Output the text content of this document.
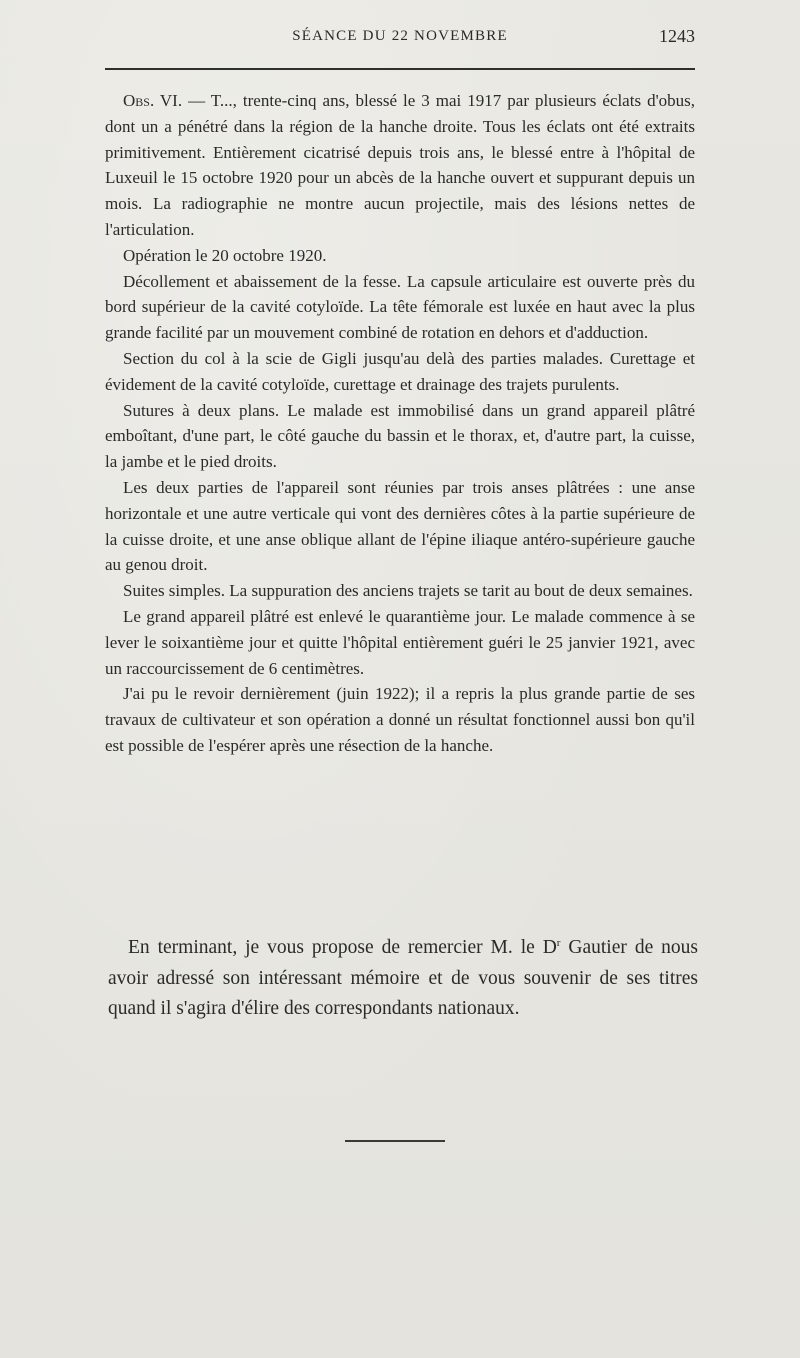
SÉANCE DU 22 NOVEMBRE	1243

Obs. VI. — T..., trente-cinq ans, blessé le 3 mai 1917 par plusieurs éclats d'obus, dont un a pénétré dans la région de la hanche droite. Tous les éclats ont été extraits primitivement. Entièrement cicatrisé depuis trois ans, le blessé entre à l'hôpital de Luxeuil le 15 octobre 1920 pour un abcès de la hanche ouvert et suppurant depuis un mois. La radiographie ne montre aucun projectile, mais des lésions nettes de l'articulation.

Opération le 20 octobre 1920.

Décollement et abaissement de la fesse. La capsule articulaire est ouverte près du bord supérieur de la cavité cotyloïde. La tête fémorale est luxée en haut avec la plus grande facilité par un mouvement combiné de rotation en dehors et d'adduction.

Section du col à la scie de Gigli jusqu'au delà des parties malades. Curettage et évidement de la cavité cotyloïde, curettage et drainage des trajets purulents.

Sutures à deux plans. Le malade est immobilisé dans un grand appareil plâtré emboîtant, d'une part, le côté gauche du bassin et le thorax, et, d'autre part, la cuisse, la jambe et le pied droits.

Les deux parties de l'appareil sont réunies par trois anses plâtrées : une anse horizontale et une autre verticale qui vont des dernières côtes à la partie supérieure de la cuisse droite, et une anse oblique allant de l'épine iliaque antéro-supérieure gauche au genou droit.

Suites simples. La suppuration des anciens trajets se tarit au bout de deux semaines.

Le grand appareil plâtré est enlevé le quarantième jour. Le malade commence à se lever le soixantième jour et quitte l'hôpital entièrement guéri le 25 janvier 1921, avec un raccourcissement de 6 centimètres.

J'ai pu le revoir dernièrement (juin 1922); il a repris la plus grande partie de ses travaux de cultivateur et son opération a donné un résultat fonctionnel aussi bon qu'il est possible de l'espérer après une résection de la hanche.

En terminant, je vous propose de remercier M. le $D^r$ Gautier de nous avoir adressé son intéressant mémoire et de vous souvenir de ses titres quand il s'agira d'élire des correspondants nationaux.
